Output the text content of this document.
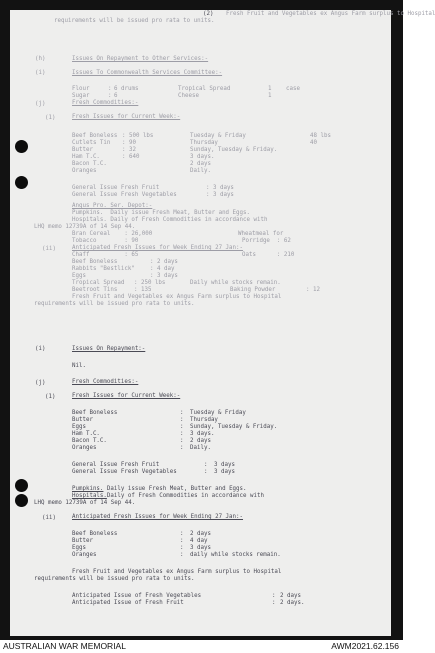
(2) Fresh Fruit and Vegetables ex Angus Farm surplus to Hospital
requirements will be issued pro rata to units.
(h)	Issues On Repayment to Other Services:-
(i)	Issues To Commonwealth Services Committee:-
Flour	: 6 drums	Tropical Spread	1	case
Sugar	: 6	Cheese	1
(j)	Fresh Commodities:-
(1)	Fresh Issues for Current Week:-
Beef Boneless : 500 lbs	Tuesday & Friday	48 lbs
Cutlets Tin : 90	Thursday	40
Butter	: 32	Sunday, Tuesday & Friday.
Ham T.C.	: 640	3 days.
Bacon T.C.	2 days
Oranges	Daily.
General Issue Fresh Fruit	: 3 days
General Issue Fresh Vegetables	: 3 days
Angus Pro. Ser. Depot:-
Pumpkins.  Daily issue Fresh Meat, Butter and Eggs.
Hospitals. Daily of Fresh Commodities in accordance with
LHQ memo 12739A of 14 Sep 44.
Bran Cereal    : 26,000	Wheatmeal for
Tobacco        : 90	Porridge  : 62
(ii)	Anticipated Fresh Issues for Week Ending 27 Jan:-
Chaff          : 65	Oats      : 210
Beef Boneless	: 2 days
Rabbits "Bestlick"	: 4 day
Eggs	: 3 days
Tropical Spread : 250 lbs	Daily while stocks remain.
Beetroot Tins	: 135	Baking Powder	: 12
Fresh Fruit and Vegetables ex Angus Farm surplus to Hospital
requirements will be issued pro rata to units.
(i)	Issues On Repayment:-
Nil.
(j)	Fresh Commodities:-
(1)	Fresh Issues for Current Week:-
Beef Boneless	: Tuesday & Friday
Butter	: Thursday
Eggs	: Sunday, Tuesday & Friday.
Ham T.C.	: 3 days.
Bacon T.C.	: 2 days
Oranges	: Daily.
General Issue Fresh Fruit	: 3 days
General Issue Fresh Vegetables	: 3 days
Pumpkins. Daily issue Fresh Meat, Butter and Eggs.
Hospitals.Daily of Fresh Commodities in accordance with
LHQ memo 12739A of 14 Sep 44.
(ii)	Anticipated Fresh Issues for Week Ending 27 Jan:-
Beef Boneless	: 2 days
Butter	: 4 day
Eggs	: 3 days
Oranges	: daily while stocks remain.
Fresh Fruit and Vegetables ex Angus Farm surplus to Hospital
requirements will be issued pro rata to units.
Anticipated Issue of Fresh Vegetables	: 2 days
Anticipated Issue of Fresh Fruit	: 2 days.
AUSTRALIAN WAR MEMORIAL	AWM2021.62.156
